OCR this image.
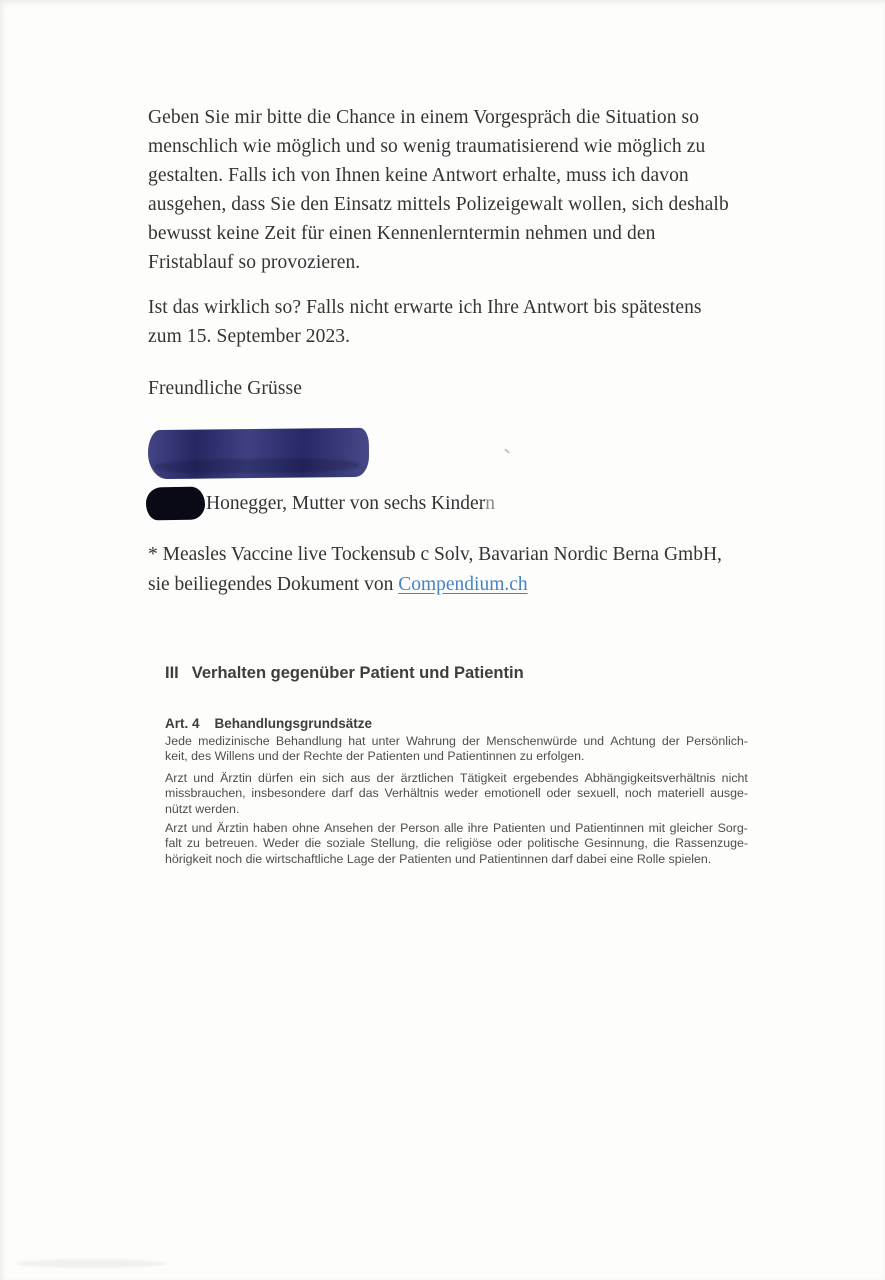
Geben Sie mir bitte die Chance in einem Vorgespräch die Situation so
menschlich wie möglich und so wenig traumatisierend wie möglich zu
gestalten. Falls ich von Ihnen keine Antwort erhalte, muss ich davon
ausgehen, dass Sie den Einsatz mittels Polizeigewalt wollen, sich deshalb
bewusst keine Zeit für einen Kennenlerntermin nehmen und den
Fristablauf so provozieren.
Ist das wirklich so? Falls nicht erwarte ich Ihre Antwort bis spätestens
zum 15. September 2023.
Freundliche Grüsse
Honegger, Mutter von sechs Kindern
* Measles Vaccine live Tockensub c Solv, Bavarian Nordic Berna GmbH,
sie beiliegendes Dokument von Compendium.ch
III Verhalten gegenüber Patient und Patientin
Art. 4 Behandlungsgrundsätze
Jede medizinische Behandlung hat unter Wahrung der Menschenwürde und Achtung der Persönlich-
keit, des Willens und der Rechte der Patienten und Patientinnen zu erfolgen.
Arzt und Ärztin dürfen ein sich aus der ärztlichen Tätigkeit ergebendes Abhängigkeitsverhältnis nicht
missbrauchen, insbesondere darf das Verhältnis weder emotionell oder sexuell, noch materiell ausge-
nützt werden.
Arzt und Ärztin haben ohne Ansehen der Person alle ihre Patienten und Patientinnen mit gleicher Sorg-
falt zu betreuen. Weder die soziale Stellung, die religiöse oder politische Gesinnung, die Rassenzuge-
hörigkeit noch die wirtschaftliche Lage der Patienten und Patientinnen darf dabei eine Rolle spielen.
